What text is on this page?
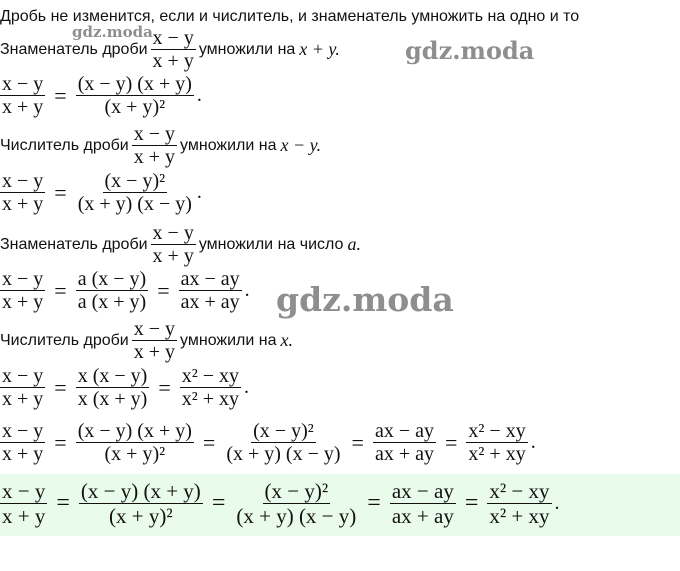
gdz.moda
Дробь не изменится, если и числитель, и знаменатель умножить на одно и то
Знаменатель дроби $\frac{x - y}{x + y}$ умножили на x + y.	gdz.moda
$\frac{x - y}{x + y} = \frac{(x - y) (x + y)}{\text{(x + y)²}}$ .
Числитель дроби $\frac{x - y}{x + y}$ умножили на x − y.
$\frac{x - y}{x + y} = \frac{\text{(x − y)²}}{(x + y) (x - y)}$ .
Знаменатель дроби $\frac{x - y}{x + y}$ умножили на число a.
$\frac{x - y}{x + y} = \frac{a (x - y)}{a (x + y)} = \frac{ax - ay}{ax + ay}$ . gdz.moda
Числитель дроби $\frac{x - y}{x + y}$ умножили на x.
$\frac{x - y}{x + y} = \frac{x (x - y)}{x (x + y)} = \frac{\text{x² − xy}}{\text{x² + xy}}$ .
$\frac{x - y}{x + y} = \frac{(x - y) (x + y)}{\text{(x + y)²}} = \frac{\text{(x − y)²}}{(x + y) (x - y)} = \frac{ax - ay}{ax + ay} = \frac{\text{x² − xy}}{\text{x² + xy}}$ .
$\frac{x - y}{x + y} = \frac{(x - y) (x + y)}{\text{(x + y)²}} = \frac{\text{(x − y)²}}{(x + y) (x - y)} = \frac{ax - ay}{ax + ay} = \frac{\text{x² − xy}}{\text{x² + xy}}$ .
